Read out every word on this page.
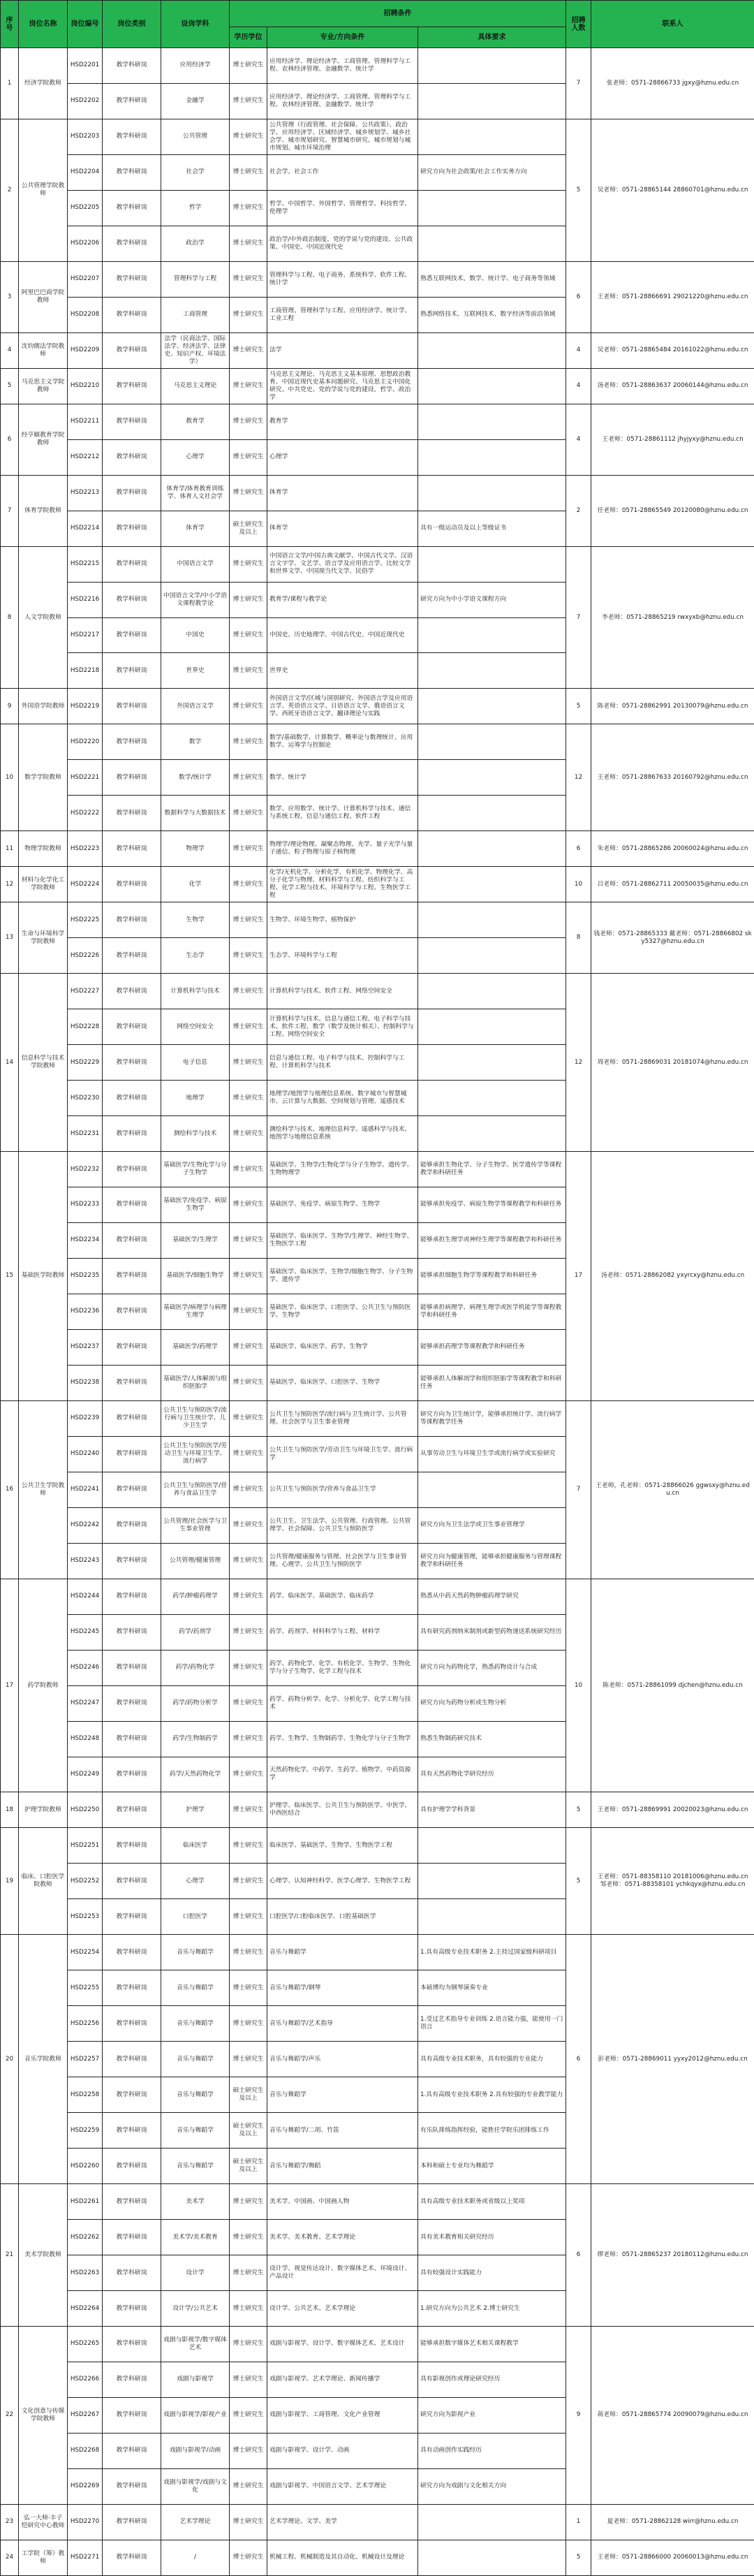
序号	岗位名称	岗位编号	岗位类别	设岗学科	招聘条件			招聘人数	联系人
					学历学位	专业/方向条件	具体要求		
1	经济学院教师	HSD2201	教学科研岗	应用经济学	博士研究生	应用经济学、理论经济学、工商管理、管理科学与工程、农林经济管理、金融数学、统计学		7	张老师：0571-28866733 jgxy@hznu.edu.cn
		HSD2202	教学科研岗	金融学	博士研究生	应用经济学、理论经济学、工商管理、管理科学与工程、农林经济管理、金融数学、统计学			
2	公共管理学院教师	HSD2203	教学科研岗	公共管理	博士研究生	公共管理（行政管理、社会保障、公共政策）、政治学、应用经济学、区域经济学、城乡规划学、城乡社会学、城市规划研究、智慧城市研究、城市规划与城市规划、城市环境治理		5	吴老师：0571-28865144 28860701@hznu.edu.cn
		HSD2204	教学科研岗	社会学	博士研究生	社会学、社会工作	研究方向为社会政策/社会工作实务方向		
		HSD2205	教学科研岗	哲学	博士研究生	哲学、中国哲学、外国哲学、管理哲学、科技哲学、伦理学			
		HSD2206	教学科研岗	政治学	博士研究生	政治学/中外政治制度、党的学说与党的建设、公共政策、中国史、中国近现代史			
3	阿里巴巴商学院教师	HSD2207	教学科研岗	管理科学与工程	博士研究生	管理科学与工程、电子商务、系统科学、软件工程、统计学	熟悉互联网技术，数学、统计学、电子商务等领域	6	王老师：0571-28866691 29021220@hznu.edu.cn
		HSD2208	教学科研岗	工商管理	博士研究生	工商管理、管理科学与工程、应用经济学、统计学、工业工程	熟悉网络技术、互联网技术、数字经济等前沿领域		
4	沈钧儒法学院教师	HSD2209	教学科研岗	法学（民商法学、国际法学、经济法学、法律史、知识产权、环境法学）	博士研究生	法学		4	吴老师：0571-28865484 20161022@hznu.edu.cn
5	马克思主义学院教师	HSD2210	教学科研岗	马克思主义理论	博士研究生	马克思主义理论、马克思主义基本原理、思想政治教育、中国近现代史基本问题研究、马克思主义中国化研究、中共党史、党的学说与党的建设、哲学、政治学		4	汤老师：0571-28863637 20060144@hznu.edu.cn
6	经亨颐教育学院教师	HSD2211	教学科研岗	教育学	博士研究生	教育学		4	王老师：0571-28861112 jhyjyxy@hznu.edu.cn
		HSD2212	教学科研岗	心理学	博士研究生	心理学			
7	体育学院教师	HSD2213	教学科研岗	体育学/体育教育训练学、体育人文社会学	博士研究生	体育学		2	任老师：0571-28865549 20120080@hznu.edu.cn
		HSD2214	教学科研岗	体育学	硕士研究生及以上	体育学	具有一级运动员及以上等级证书		
8	人文学院教师	HSD2215	教学科研岗	中国语言文学	博士研究生	中国语言文学/中国古典文献学、中国古代文学、汉语言文字学、文艺学、语言学及应用语言学、比较文学和世界文学、中国现当代文学、民俗学		7	李老师：0571-28865219 rwxyxb@hznu.edu.cn
		HSD2216	教学科研岗	中国语言文学/中小学语文课程教学论	博士研究生	教育学/课程与教学论	研究方向为中小学语文课程方向		
		HSD2217	教学科研岗	中国史	博士研究生	中国史、历史地理学、中国古代史、中国近现代史			
		HSD2218	教学科研岗	世界史	博士研究生	世界史			
9	外国语学院教师	HSD2219	教学科研岗	外国语言文学	博士研究生	外国语言文学/区域与国别研究、外国语言学及应用语言学、英语语言文学、日语语言文学、俄语语言文学、西班牙语语言文学、翻译理论与实践		5	陈老师：0571-28862991 20130079@hznu.edu.cn
10	数学学院教师	HSD2220	教学科研岗	数学	博士研究生	数学/基础数学、计算数学、概率论与数理统计、应用数学、运筹学与控制论		12	王老师：0571-28867633 20160792@hznu.edu.cn
		HSD2221	教学科研岗	数学/统计学	博士研究生	数学、统计学			
		HSD2222	教学科研岗	数据科学与大数据技术	博士研究生	数学、应用数学、统计学、计算机科学与技术、通信与系统工程、信息与通信工程、软件工程			
11	物理学院教师	HSD2223	教学科研岗	物理学	博士研究生	物理学/理论物理、凝聚态物理、光学、量子光学与量子通信、粒子物理与原子核物理		6	朱老师：0571-28865286 20060024@hznu.edu.cn
12	材料与化学化工学院教师	HSD2224	教学科研岗	化学	博士研究生	化学/无机化学、分析化学、有机化学、物理化学、高分子化学与物理、材料科学与工程、纺织科学与工程、化学工程与技术、环境科学与工程、生物医学工程		10	吕老师：0571-28862711 20050035@hznu.edu.cn
13	生命与环境科学学院教师	HSD2225	教学科研岗	生物学	博士研究生	生物学、环境生物学、植物保护		8	钱老师：0571-28865333 戴老师：0571-28866802 sky5327@hznu.edu.cn
		HSD2226	教学科研岗	生态学	博士研究生	生态学、环境科学与工程			
14	信息科学与技术学院教师	HSD2227	教学科研岗	计算机科学与技术	博士研究生	计算机科学与技术、软件工程、网络空间安全		12	周老师：0571-28869031 20181074@hznu.edu.cn
		HSD2228	教学科研岗	网络空间安全	博士研究生	计算机科学与技术、信息与通信工程、电子科学与技术、软件工程、数学（数学及统计相关）、控制科学与工程、网络空间安全			
		HSD2229	教学科研岗	电子信息	博士研究生	信息与通信工程、电子科学与技术、控制科学与工程、计算机科学与技术			
		HSD2230	教学科研岗	地理学	博士研究生	地理学/地图学与地理信息系统、数字城市与智慧城市、云计算与大数据、空间规划与管理、遥感技术			
		HSD2231	教学科研岗	测绘科学与技术	博士研究生	测绘科学与技术、地理信息科学、遥感科学与技术、地图学与地理信息系统			
15	基础医学院教师	HSD2232	教学科研岗	基础医学/生物化学与分子生物学	博士研究生	基础医学、生物学/生物化学与分子生物学、遗传学、生物物理学	能够承担生物化学、分子生物学、医学遗传学等课程教学和科研任务	17	汤老师：0571-28862082 yxyrcxy@hznu.edu.cn
		HSD2233	教学科研岗	基础医学/免疫学、病原生物学	博士研究生	基础医学、免疫学、病原生物学、生物学	能够承担免疫学、病原生物学等课程教学和科研任务		
		HSD2234	教学科研岗	基础医学/生理学	博士研究生	基础医学、临床医学、生物学/生理学、神经生物学、生物医学工程	能够承担生理学或神经生理学等课程教学和科研任务		
		HSD2235	教学科研岗	基础医学/细胞生物学	博士研究生	基础医学、临床医学、生物学/细胞生物学、分子生物学、遗传学	能够承担细胞生物学等课程教学和科研任务		
		HSD2236	教学科研岗	基础医学/病理学与病理生理学	博士研究生	基础医学、临床医学、口腔医学、公共卫生与预防医学、生物学	能够承担病理学、病理生理学或医学机能学等课程教学和科研任务		
		HSD2237	教学科研岗	基础医学/药理学	博士研究生	基础医学、临床医学、药学、生物学	能够承担药理学等课程教学和科研任务		
		HSD2238	教学科研岗	基础医学/人体解剖与组织胚胎学	博士研究生	基础医学、临床医学、口腔医学、生物学	能够承担人体解剖学和组织胚胎学等课程教学和科研任务		
16	公共卫生学院教师	HSD2239	教学科研岗	公共卫生与预防医学/流行病与卫生统计学、儿少卫生学	博士研究生	公共卫生与预防医学/流行病与卫生统计学、公共管理、社会医学与卫生事业管理	研究方向为卫生统计学，能够承担统计学、流行病学等课程教学任务	7	王老师，孔老师：0571-28866026 ggwsxy@hznu.edu.cn
		HSD2240	教学科研岗	公共卫生与预防医学/劳动卫生与环境卫生学、流行病学	博士研究生	公共卫生与预防医学/劳动卫生与环境卫生学、流行病学	从事劳动卫生与环境卫生学或流行病学或实验研究		
		HSD2241	教学科研岗	公共卫生与预防医学/营养与食品卫生学	博士研究生	公共卫生与预防医学/营养与食品卫生学			
		HSD2242	教学科研岗	公共管理/社会医学与卫生事业管理	博士研究生	公共卫生、卫生法学、公共管理、行政管理、公共管理学、社会保障、公共卫生与预防医学	研究方向为卫生法学或卫生事业管理学		
		HSD2243	教学科研岗	公共管理/健康管理	博士研究生	公共管理/健康服务与管理、社会医学与卫生事业管理、心理学、公共卫生与预防医学	研究方向为健康管理，能够承担健康服务与管理课程教学和科研任务		
17	药学院教师	HSD2244	教学科研岗	药学/肿瘤药理学	博士研究生	药学、临床医学、基础医学、临床药学	熟悉从中药天然药物肿瘤药理学研究	10	陈老师：0571-28861099 djchen@hznu.edu.cn
		HSD2245	教学科研岗	药学/药剂学	博士研究生	药学、药剂学、材料科学与工程、材料学	具有研究药剂纳米制剂或新型药物递送系统研究经历		
		HSD2246	教学科研岗	药学/药物化学	博士研究生	药学、药物化学、化学、有机化学、生物学、生物化学与分子生物学、化学工程与技术	研究方向为药物化学，熟悉药物设计与合成		
		HSD2247	教学科研岗	药学/药物分析学	博士研究生	药学、药物分析学、化学、分析化学、化学工程与技术	研究方向为药物分析或生物分析		
		HSD2248	教学科研岗	药学/生物制药学	博士研究生	药学、生物学、生物制药学、生物化学与分子生物学	熟悉生物制药研究技术		
		HSD2249	教学科研岗	药学/天然药物化学	博士研究生	天然药物化学、中药学、生药学、植物学、中药资源学	具有天然药物化学研究经历		
18	护理学院教师	HSD2250	教学科研岗	护理学	博士研究生	护理学、临床医学、公共卫生与预防医学、中医学、中西医结合	具有护理学学科背景	5	王老师：0571-28869991 20020023@hznu.edu.cn
19	临床、口腔医学院教师	HSD2251	教学科研岗	临床医学	博士研究生	临床医学、基础医学、生物学、生物医学工程		5	王老师：0571-88358110 20181006@hznu.edu.cn 邹老师：0571-88358101 ychkqyx@hznu.edu.cn
		HSD2252	教学科研岗	心理学	博士研究生	心理学、认知神经科学、医学心理学、生物医学工程			
		HSD2253	教学科研岗	口腔医学	博士研究生	口腔医学/口腔临床医学、口腔基础医学			
20	音乐学院教师	HSD2254	教学科研岗	音乐与舞蹈学	博士研究生	音乐与舞蹈学	1.具有高级专业技术职务 2.主持过国家级科研项目	6	彭老师：0571-28869011 yyxy2012@hznu.edu.cn
		HSD2255	教学科研岗	音乐与舞蹈学	博士研究生	音乐与舞蹈学/钢琴	本硕博均为钢琴演奏专业		
		HSD2256	教学科研岗	音乐与舞蹈学	博士研究生	音乐与舞蹈学/艺术指导	1.受过艺术指导专业训练 2.语言能力强，能使用一门语言		
		HSD2257	教学科研岗	音乐与舞蹈学	博士研究生	音乐与舞蹈学/声乐	具有高级专业技术职务，具有较强的专业能力		
		HSD2258	教学科研岗	音乐与舞蹈学	硕士研究生及以上	音乐与舞蹈学	1.具有高级专业技术职务 2.具有较强的专业教学能力		
		HSD2259	教学科研岗	音乐与舞蹈学	硕士研究生及以上	音乐与舞蹈学/二胡、竹笛	有乐队排练指挥经验，能胜任学院乐团排练工作		
		HSD2260	教学科研岗	音乐与舞蹈学	硕士研究生及以上	音乐与舞蹈学/舞蹈	本科和硕士专业均为舞蹈学		
21	美术学院教师	HSD2261	教学科研岗	美术学	博士研究生	美术学、中国画、中国画人物	具有高级专业技术职务或省级以上奖项	6	缪老师：0571-28865237 20180112@hznu.edu.cn
		HSD2262	教学科研岗	美术学/美术教育	博士研究生	美术学、美术教育、艺术学理论	具有美术教育相关研究经历		
		HSD2263	教学科研岗	设计学	博士研究生	设计学、视觉传达设计、数字媒体艺术、环境设计、产品设计	具有较强设计实践能力		
		HSD2264	教学科研岗	设计学/公共艺术	博士研究生	设计学、公共艺术、艺术学理论	1.研究方向为公共艺术 2.博士研究生		
22	文化创意与传媒学院教师	HSD2265	教学科研岗	戏剧与影视学/数字媒体艺术	博士研究生	戏剧与影视学、设计学、数字媒体艺术、艺术设计	能够承担数字媒体艺术相关课程教学	9	蒋老师：0571-28865774 20090079@hznu.edu.cn
		HSD2266	教学科研岗	戏剧与影视学	博士研究生	戏剧与影视学、艺术学理论、新闻传播学	具有影视创作或理论研究经历		
		HSD2267	教学科研岗	戏剧与影视学/影视产业	博士研究生	戏剧与影视学、工商管理、文化产业管理	研究方向为影视产业		
		HSD2268	教学科研岗	戏剧与影视学/动画	博士研究生	戏剧与影视学、设计学、动画	具有动画创作实践经历		
		HSD2269	教学科研岗	戏剧与影视学/戏剧与文化	博士研究生	戏剧与影视学、中国语言文学、艺术学理论	研究方向为戏剧与文化相关方向		
23	弘一大师·丰子恺研究中心教师	HSD2270	教学科研岗	艺术学理论	博士研究生	艺术学理论、文学、美学		1	夏老师：0571-28862128 wirr@hznu.edu.cn
24	工学院（筹）教师	HSD2271	教学科研岗	/	博士研究生	机械工程、机械制造及其自动化、机械设计及理论		5	王老师：0571-28866000 20060013@hznu.edu.cn
